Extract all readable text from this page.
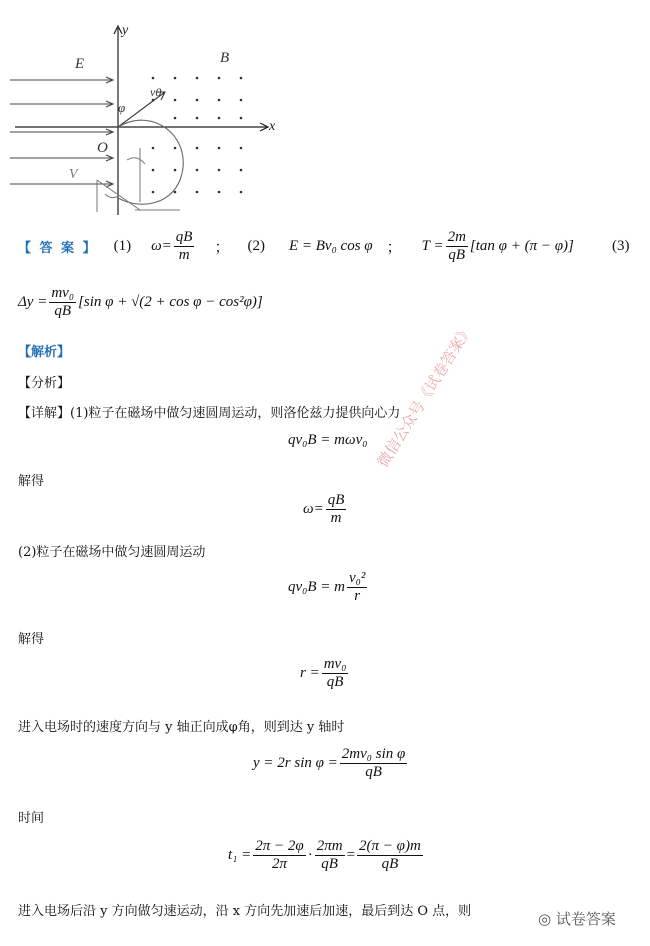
y
x
E	B
v0
φ
O
V
【 答 案 】 (1) $\omega= \frac{qB}{m}$ ； (2) E = Bv₀ cos φ ； $T = \frac{2m}{qB} [\tan$ φ + (π − φ)]	(3)
$\Delta y = \frac{\text{mv₀}}{qB} [\sin$ φ + √(2 + cos φ − cos²φ)]
【解析】
【分析】
【详解】(1)粒子在磁场中做匀速圆周运动，则洛伦兹力提供向心力
qv₀B = mωv₀
解得
$\omega= \frac{qB}{m}$
(2)粒子在磁场中做匀速圆周运动
qv₀B = m $\frac{\text{v₀²}}{r}$
解得
$r = \frac{\text{mv₀}}{qB}$
进入电场时的速度方向与 y 轴正向成φ角，则到达 y 轴时
y = 2r $\sin \varphi = \frac{\text{2mv₀ sin φ}}{qB}$
时间
$t_1 = \frac{2\pi - 2\varphi}{2\pi} \cdot \frac{2\pi m}{qB} = \frac{2(\pi - \varphi)m}{qB}$
进入电场后沿 y 方向做匀速运动，沿 x 方向先加速后加速，最后到达 O 点，则
微信公众号《试卷答案》
◎ 试卷答案
